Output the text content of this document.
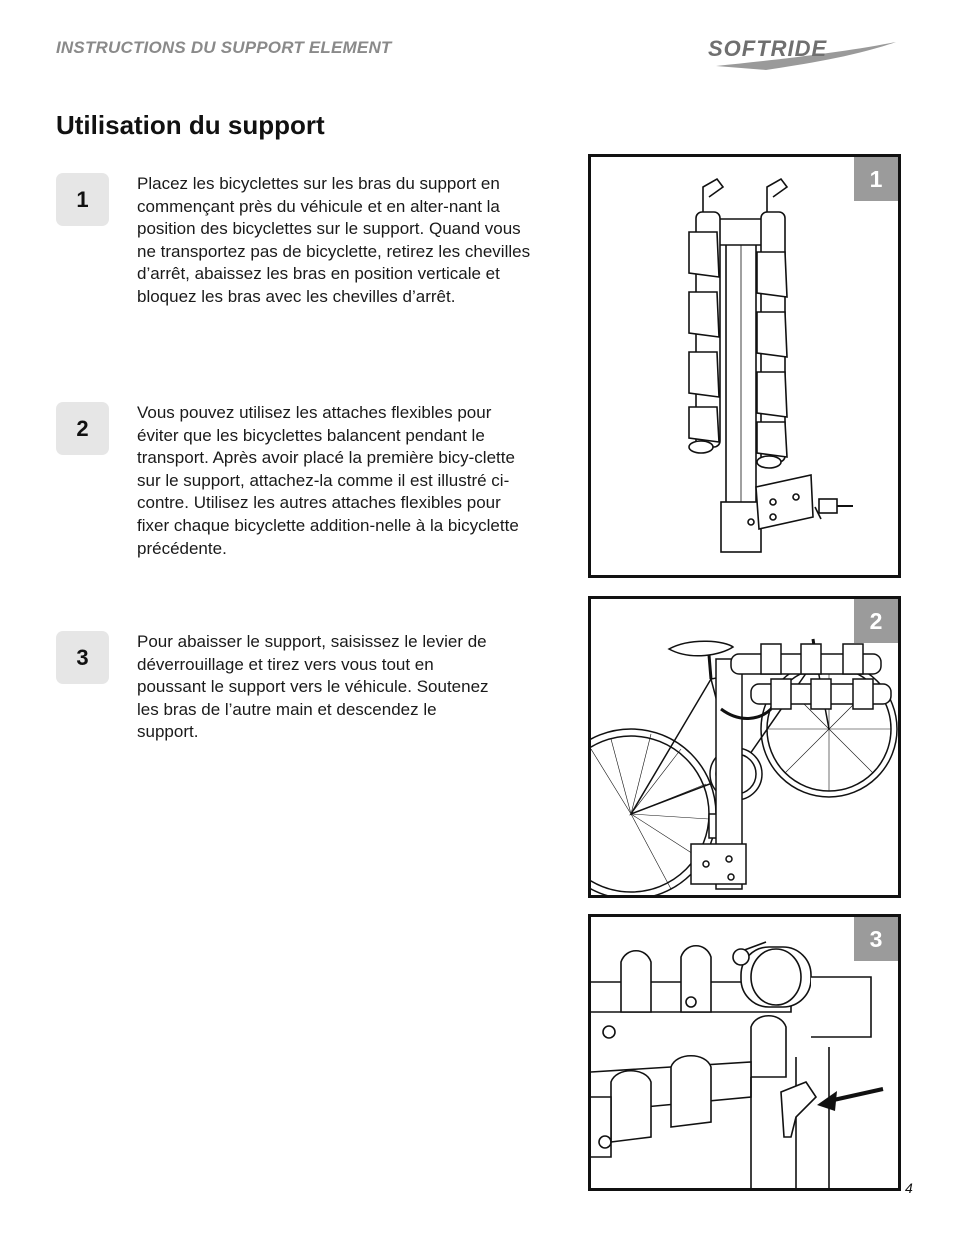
INSTRUCTIONS DU SUPPORT ELEMENT	SOFTRIDE
Utilisation du support
1
Placez les bicyclettes sur les bras du support en commençant près du véhicule et en alter-nant la position des bicyclettes sur le support. Quand vous ne transportez pas de bicyclette, retirez les chevilles d’arrêt, abaissez les bras en position verticale et bloquez les bras avec les chevilles d’arrêt.
2
Vous pouvez utilisez les attaches flexibles pour éviter que les bicyclettes balancent pendant le transport. Après avoir placé la première bicy-clette sur le support, attachez-la comme il est illustré ci-contre. Utilisez les autres attaches flexibles pour fixer chaque bicyclette addition-nelle à la bicyclette précédente.
3
Pour abaisser le support, saisissez le levier de déverrouillage et tirez vers vous tout en poussant le support vers le véhicule. Soutenez les bras de l’autre main et descendez le support.
1
2
3
4
